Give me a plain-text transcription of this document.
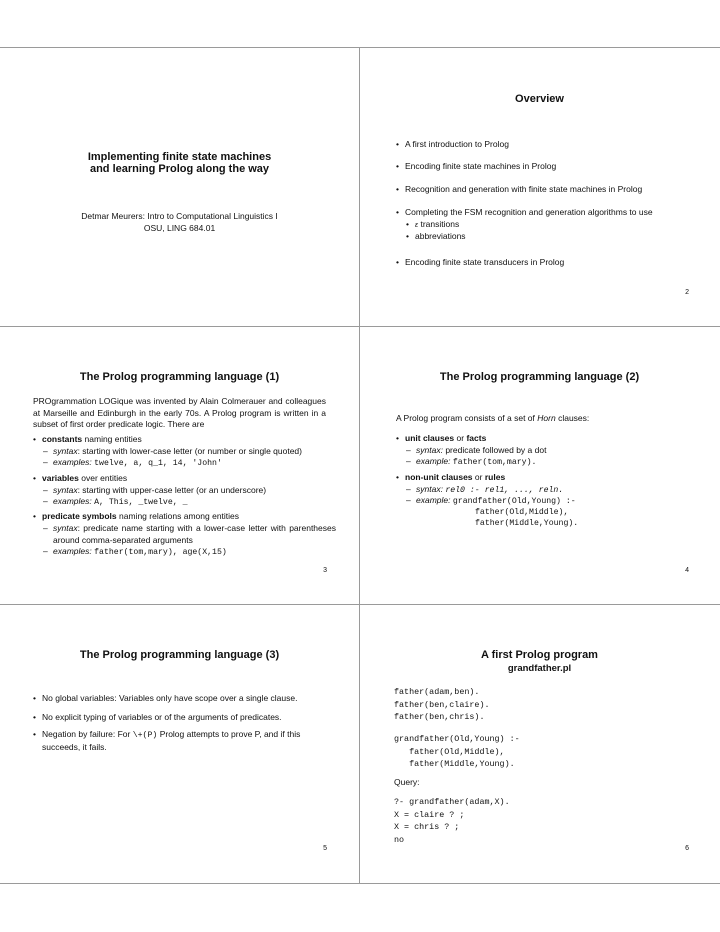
Implementing finite state machines
and learning Prolog along the way
Detmar Meurers: Intro to Computational Linguistics I
OSU, LING 684.01
Overview
• A first introduction to Prolog
• Encoding finite state machines in Prolog
• Recognition and generation with finite state machines in Prolog
• Completing the FSM recognition and generation algorithms to use
• ε transitions
• abbreviations
• Encoding finite state transducers in Prolog
2
The Prolog programming language (1)
PROgrammation LOGique was invented by Alain Colmerauer and colleagues at Marseille and Edinburgh in the early 70s. A Prolog program is written in a subset of first order predicate logic. There are
• constants naming entities
– syntax: starting with lower-case letter (or number or single quoted)
– examples: twelve, a, q_1, 14, 'John'
• variables over entities
– syntax: starting with upper-case letter (or an underscore)
– examples: A, This, _twelve, _
• predicate symbols naming relations among entities
– syntax: predicate name starting with a lower-case letter with parentheses around comma-separated arguments
– examples: father(tom,mary), age(X,15)
3
The Prolog programming language (2)
A Prolog program consists of a set of Horn clauses:
• unit clauses or facts
– syntax: predicate followed by a dot
– example: father(tom,mary).
• non-unit clauses or rules
– syntax: rel0 :- rel1, ..., reln.
– example: grandfather(Old,Young) :-
father(Old,Middle),
father(Middle,Young).
4
The Prolog programming language (3)
• No global variables: Variables only have scope over a single clause.
• No explicit typing of variables or of the arguments of predicates.
• Negation by failure: For \+(P) Prolog attempts to prove P, and if this succeeds, it fails.
5
A first Prolog program
grandfather.pl
father(adam,ben).
father(ben,claire).
father(ben,chris).
grandfather(Old,Young) :-
father(Old,Middle),
father(Middle,Young).
Query:
?- grandfather(adam,X).
X = claire ? ;
X = chris ? ;
no
6
